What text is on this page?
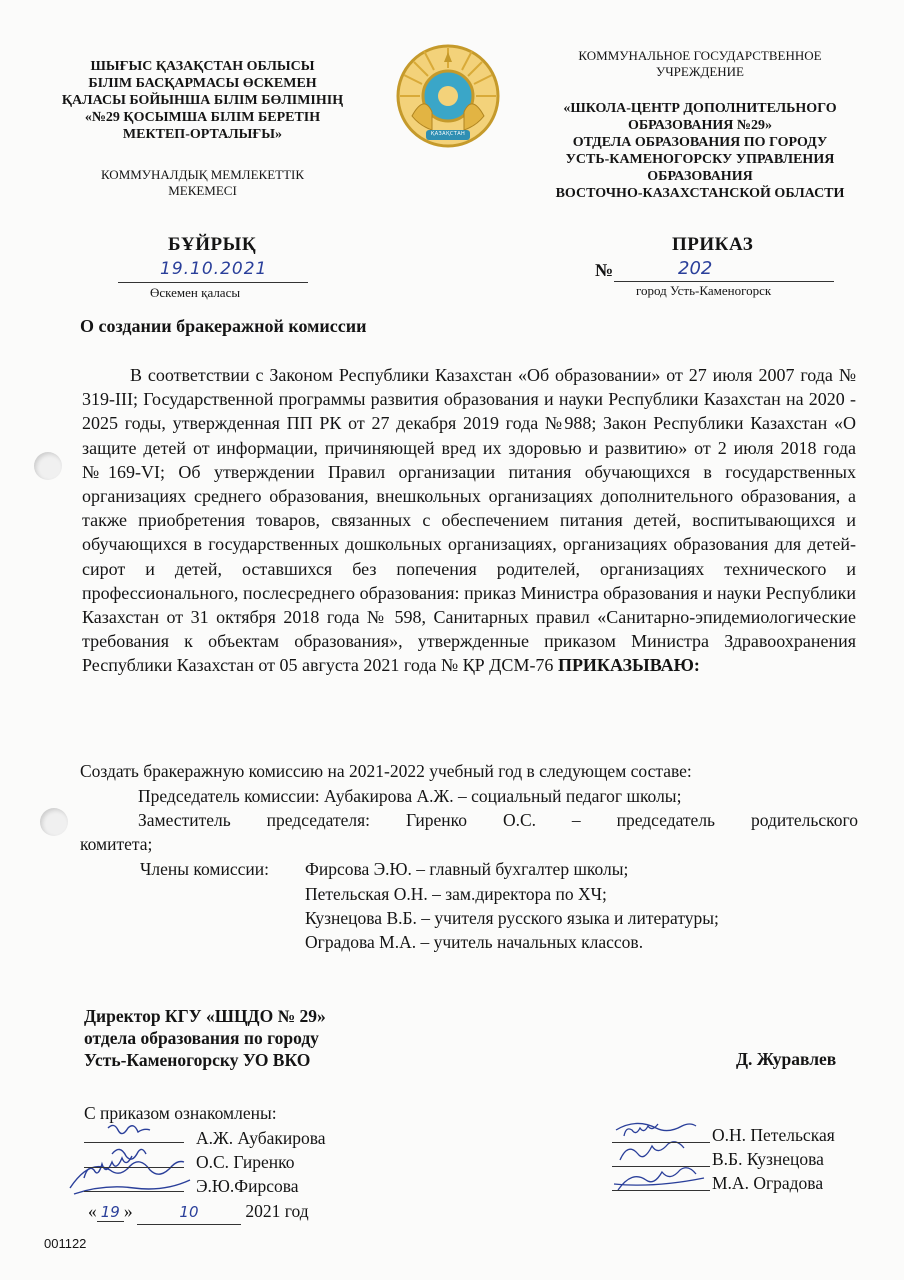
ШЫҒЫС ҚАЗАҚСТАН ОБЛЫСЫ
БІЛІМ БАСҚАРМАСЫ ӨСКЕМЕН
ҚАЛАСЫ БОЙЫНША БІЛІМ БӨЛІМІНІҢ
«№29 ҚОСЫМША БІЛІМ БЕРЕТІН
МЕКТЕП-ОРТАЛЫҒЫ»
КОММУНАЛДЫҚ МЕМЛЕКЕТТІК
МЕКЕМЕСІ
ҚАЗАҚСТАН
КОММУНАЛЬНОЕ ГОСУДАРСТВЕННОЕ
УЧРЕЖДЕНИЕ
«ШКОЛА-ЦЕНТР ДОПОЛНИТЕЛЬНОГО
ОБРАЗОВАНИЯ №29»
ОТДЕЛА ОБРАЗОВАНИЯ ПО ГОРОДУ
УСТЬ-КАМЕНОГОРСКУ УПРАВЛЕНИЯ
ОБРАЗОВАНИЯ
ВОСТОЧНО-КАЗАХСТАНСКОЙ ОБЛАСТИ
БҰЙРЫҚ	ПРИКАЗ
19.10.2021
Өскемен қаласы
№	202
город Усть-Каменогорск
О создании бракеражной комиссии

В соответствии с Законом Республики Казахстан «Об образовании» от 27 июля 2007 года № 319-III; Государственной программы развития образования и науки Республики Казахстан на 2020 - 2025 годы, утвержденная ПП РК от 27 декабря 2019 года №988; Закон Республики Казахстан «О защите детей от информации, причиняющей вред их здоровью и развитию» от 2 июля 2018 года №169-VI; Об утверждении Правил организации питания обучающихся в государственных организациях среднего образования, внешкольных организациях дополнительного образования, а также приобретения товаров, связанных с обеспечением питания детей, воспитывающихся и обучающихся в государственных дошкольных организациях, организациях образования для детей-сирот и детей, оставшихся без попечения родителей, организациях технического и профессионального, послесреднего образования: приказ Министра образования и науки Республики Казахстан от 31 октября 2018 года № 598, Санитарных правил «Санитарно-эпидемиологические требования к объектам образования», утвержденные приказом Министра Здравоохранения Республики Казахстан от 05 августа 2021 года № ҚР ДСМ-76 ПРИКАЗЫВАЮ:

Создать бракеражную комиссию на 2021-2022 учебный год в следующем составе:
Председатель комиссии: Аубакирова А.Ж. – социальный педагог школы;
Заместитель председателя: Гиренко О.С. – председатель родительского
комитета;
Члены комиссии: Фирсова Э.Ю. – главный бухгалтер школы;
Петельская О.Н. – зам.директора по ХЧ;
Кузнецова В.Б. – учителя русского языка и литературы;
Оградова М.А. – учитель начальных классов.
Директор КГУ «ШЦДО № 29»
отдела образования по городу
Усть-Каменогорску УО ВКО	Д. Журавлев
С приказом ознакомлены:
А.Ж. Аубакирова
О.С. Гиренко
Э.Ю.Фирсова
« 19 »	10	2021 год
О.Н. Петельская
В.Б. Кузнецова
М.А. Оградова
001122
